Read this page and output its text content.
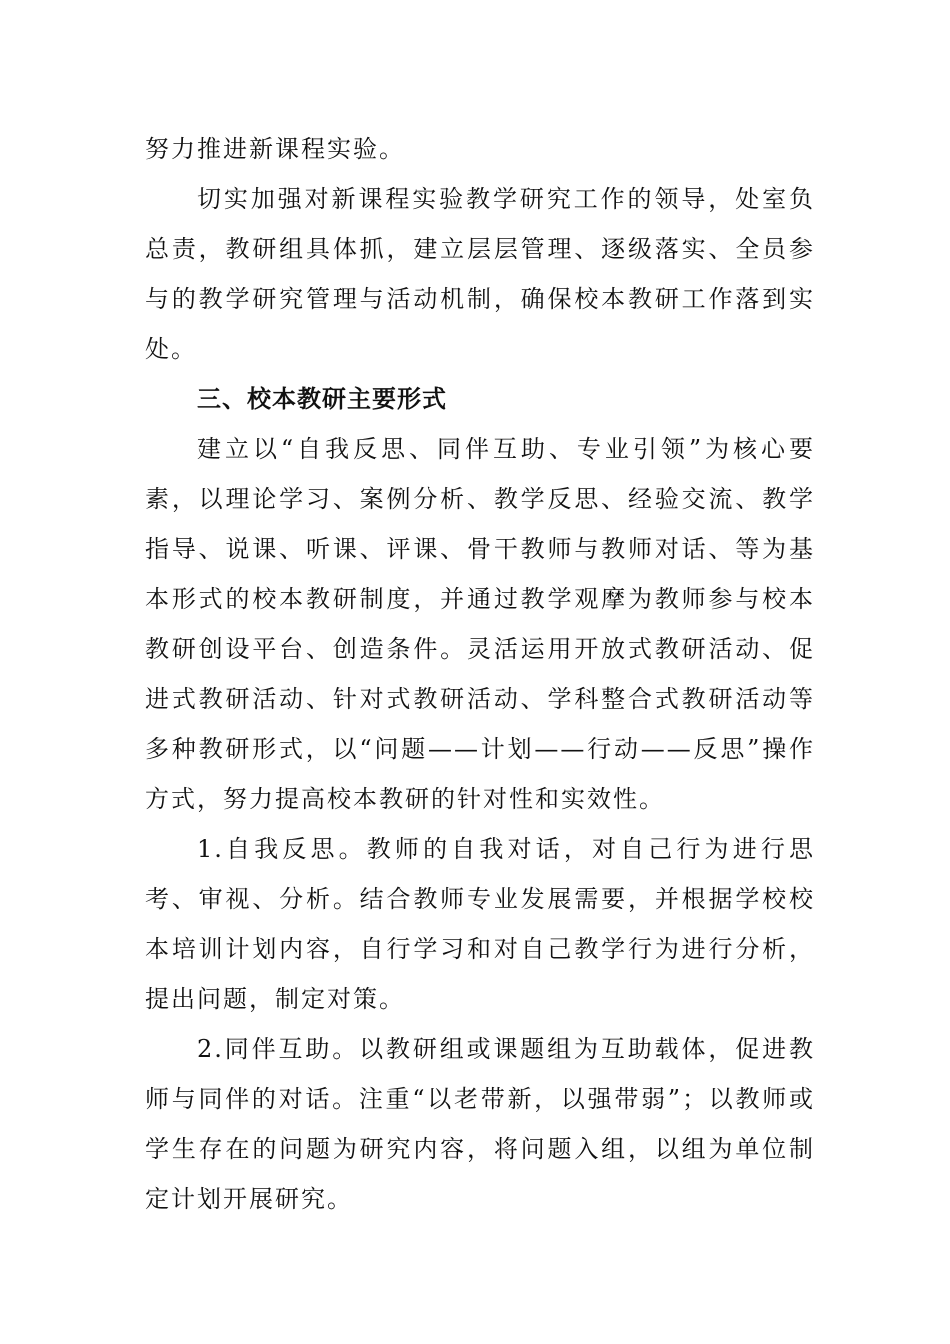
努力推进新课程实验。

切实加强对新课程实验教学研究工作的领导，处室负总责，教研组具体抓，建立层层管理、逐级落实、全员参与的教学研究管理与活动机制，确保校本教研工作落到实处。

三、校本教研主要形式

建立以“自我反思、同伴互助、专业引领”为核心要素，以理论学习、案例分析、教学反思、经验交流、教学指导、说课、听课、评课、骨干教师与教师对话、等为基本形式的校本教研制度，并通过教学观摩为教师参与校本教研创设平台、创造条件。灵活运用开放式教研活动、促进式教研活动、针对式教研活动、学科整合式教研活动等多种教研形式，以“问题——计划——行动——反思”操作方式，努力提高校本教研的针对性和实效性。

1.自我反思。教师的自我对话，对自己行为进行思考、审视、分析。结合教师专业发展需要，并根据学校校本培训计划内容，自行学习和对自己教学行为进行分析，提出问题，制定对策。

2.同伴互助。以教研组或课题组为互助载体，促进教师与同伴的对话。注重“以老带新，以强带弱”；以教师或学生存在的问题为研究内容，将问题入组，以组为单位制定计划开展研究。
